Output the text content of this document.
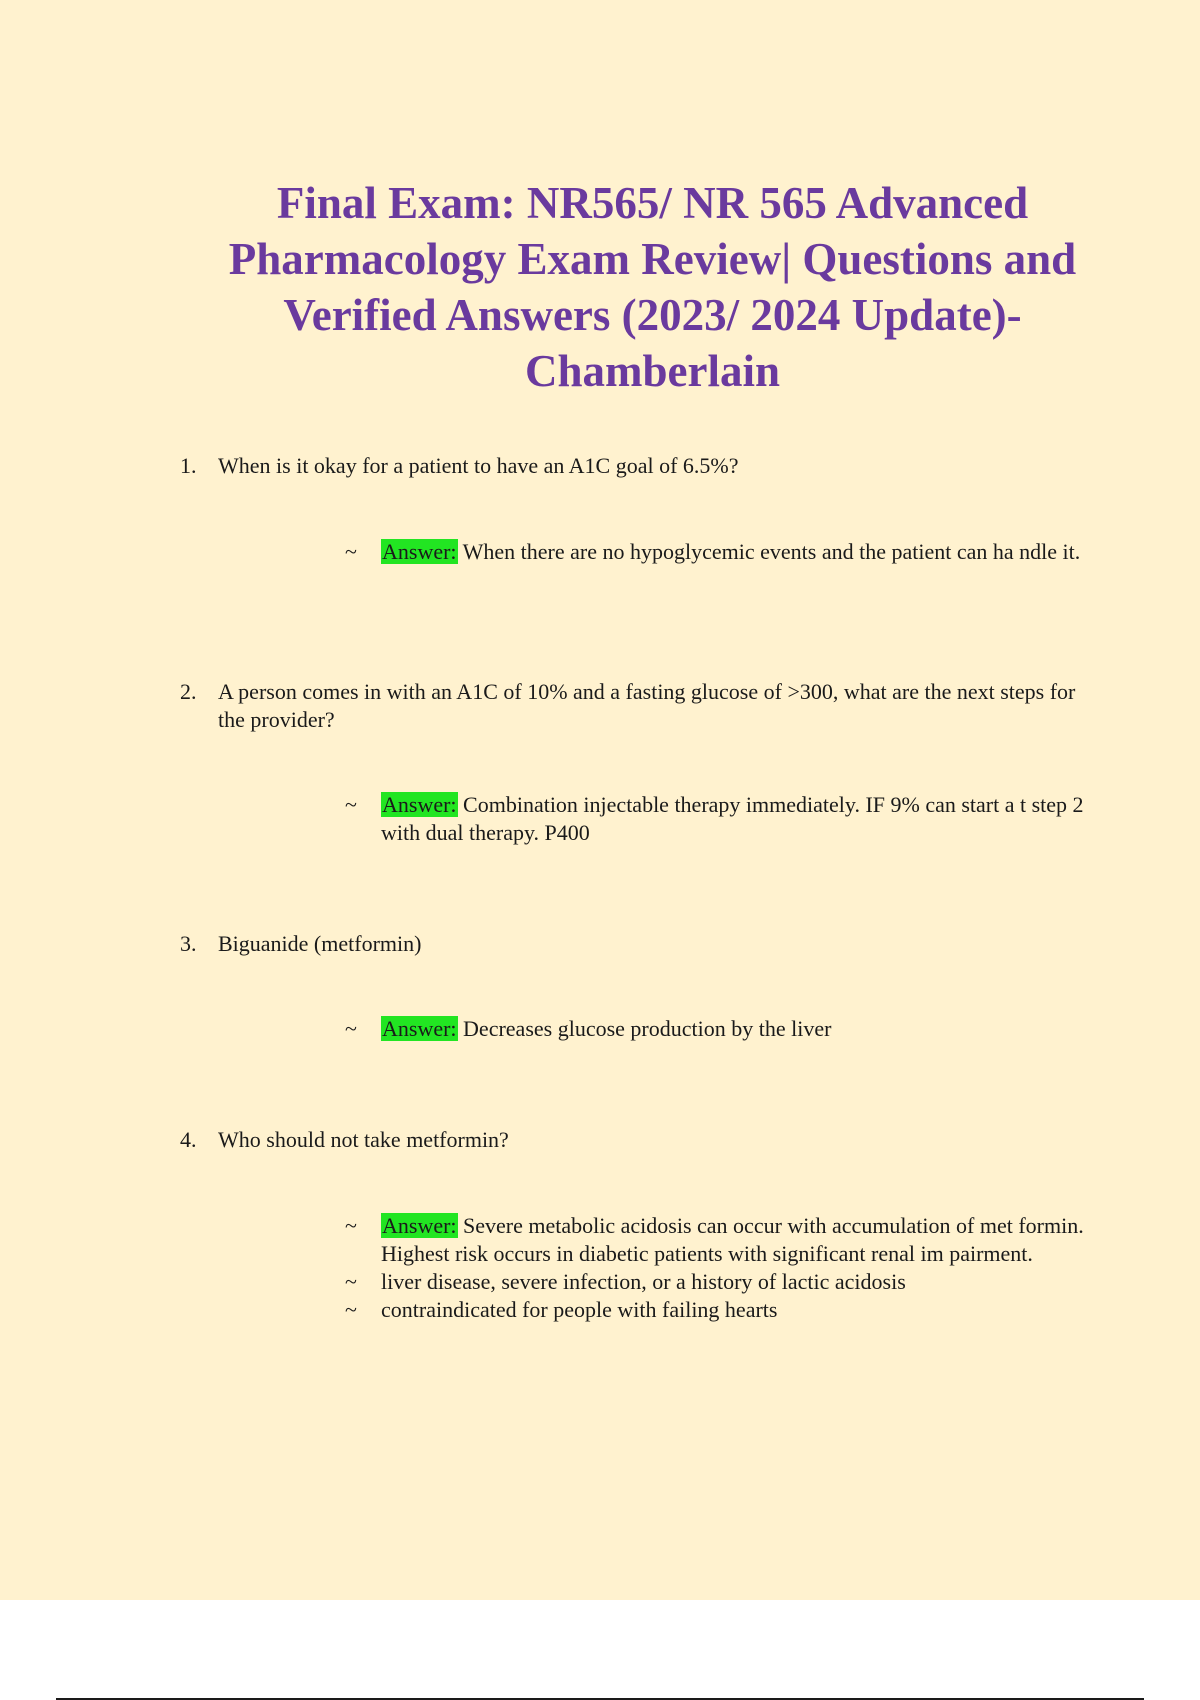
Final Exam: NR565/ NR 565 Advanced Pharmacology Exam Review| Questions and Verified Answers (2023/ 2024 Update)- Chamberlain
1. When is it okay for a patient to have an A1C goal of 6.5%?
~ Answer: When there are no hypoglycemic events and the patient can ha ndle it.
2. A person comes in with an A1C of 10% and a fasting glucose of >300, what are the next steps for the provider?
~ Answer: Combination injectable therapy immediately. IF 9% can start a t step 2 with dual therapy. P400
3. Biguanide (metformin)
~ Answer: Decreases glucose production by the liver
4. Who should not take metformin?
~ Answer: Severe metabolic acidosis can occur with accumulation of met formin. Highest risk occurs in diabetic patients with significant renal im pairment.
~ liver disease, severe infection, or a history of lactic acidosis
~ contraindicated for people with failing hearts
